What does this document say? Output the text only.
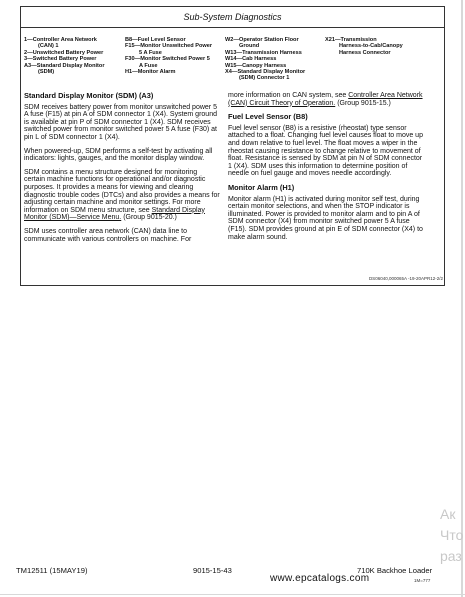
Sub-System Diagnostics
1—Controller Area Network
(CAN) 1
2—Unswitched Battery Power
3—Switched Battery Power
A3—Standard Display Monitor
(SDM)
B8—Fuel Level Sensor
F15—Monitor Unswitched Power
5 A Fuse
F30—Monitor Switched Power 5
A Fuse
H1—Monitor Alarm
W2—Operator Station Floor
Ground
W13—Transmission Harness
W14—Cab Harness
W15—Canopy Harness
X4—Standard Display Monitor
(SDM) Connector 1
X21—Transmission
Harness-to-Cab/Canopy
Harness Connector
Standard Display Monitor (SDM) (A3)

SDM receives battery power from monitor unswitched power 5 A fuse (F15) at pin A of SDM connector 1 (X4). System ground is available at pin P of SDM connector 1 (X4). SDM receives switched power from monitor switched power 5 A fuse (F30) at pin L of SDM connector 1 (X4).

When powered-up, SDM performs a self-test by activating all indicators: lights, gauges, and the monitor display window.

SDM contains a menu structure designed for monitoring certain machine functions for operational and/or diagnostic purposes. It provides a means for viewing and clearing diagnostic trouble codes (DTCs) and also provides a means for adjusting certain machine and monitor settings. For more information on SDM menu structure, see Standard Display Monitor (SDM)—Service Menu. (Group 9015-20.)

SDM uses controller area network (CAN) data line to communicate with various controllers on machine. For

more information on CAN system, see Controller Area Network (CAN) Circuit Theory of Operation. (Group 9015-15.)

Fuel Level Sensor (B8)

Fuel level sensor (B8) is a resistive (rheostat) type sensor attached to a float. Changing fuel level causes float to move up and down relative to fuel level. The float moves a wiper in the rheostat causing resistance to change relative to movement of float. Resistance is sensed by SDM at pin N of SDM connector 1 (X4). SDM uses this information to determine position of needle on fuel gauge and moves needle accordingly.

Monitor Alarm (H1)

Monitor alarm (H1) is activated during monitor self test, during certain monitor selections, and when the STOP indicator is illuminated. Power is provided to monitor alarm and to pin A of SDM connector (X4) from monitor switched power 5 A fuse (F15). SDM provides ground at pin E of SDM connector (X4) to make alarm sound.

DS06040,000065A -19-20APR12-2/2
Ак
Что
раз
TM12511 (15MAY19)	9015-15-43	710K Backhoe Loader
www.epcatalogs.com	1M=777
